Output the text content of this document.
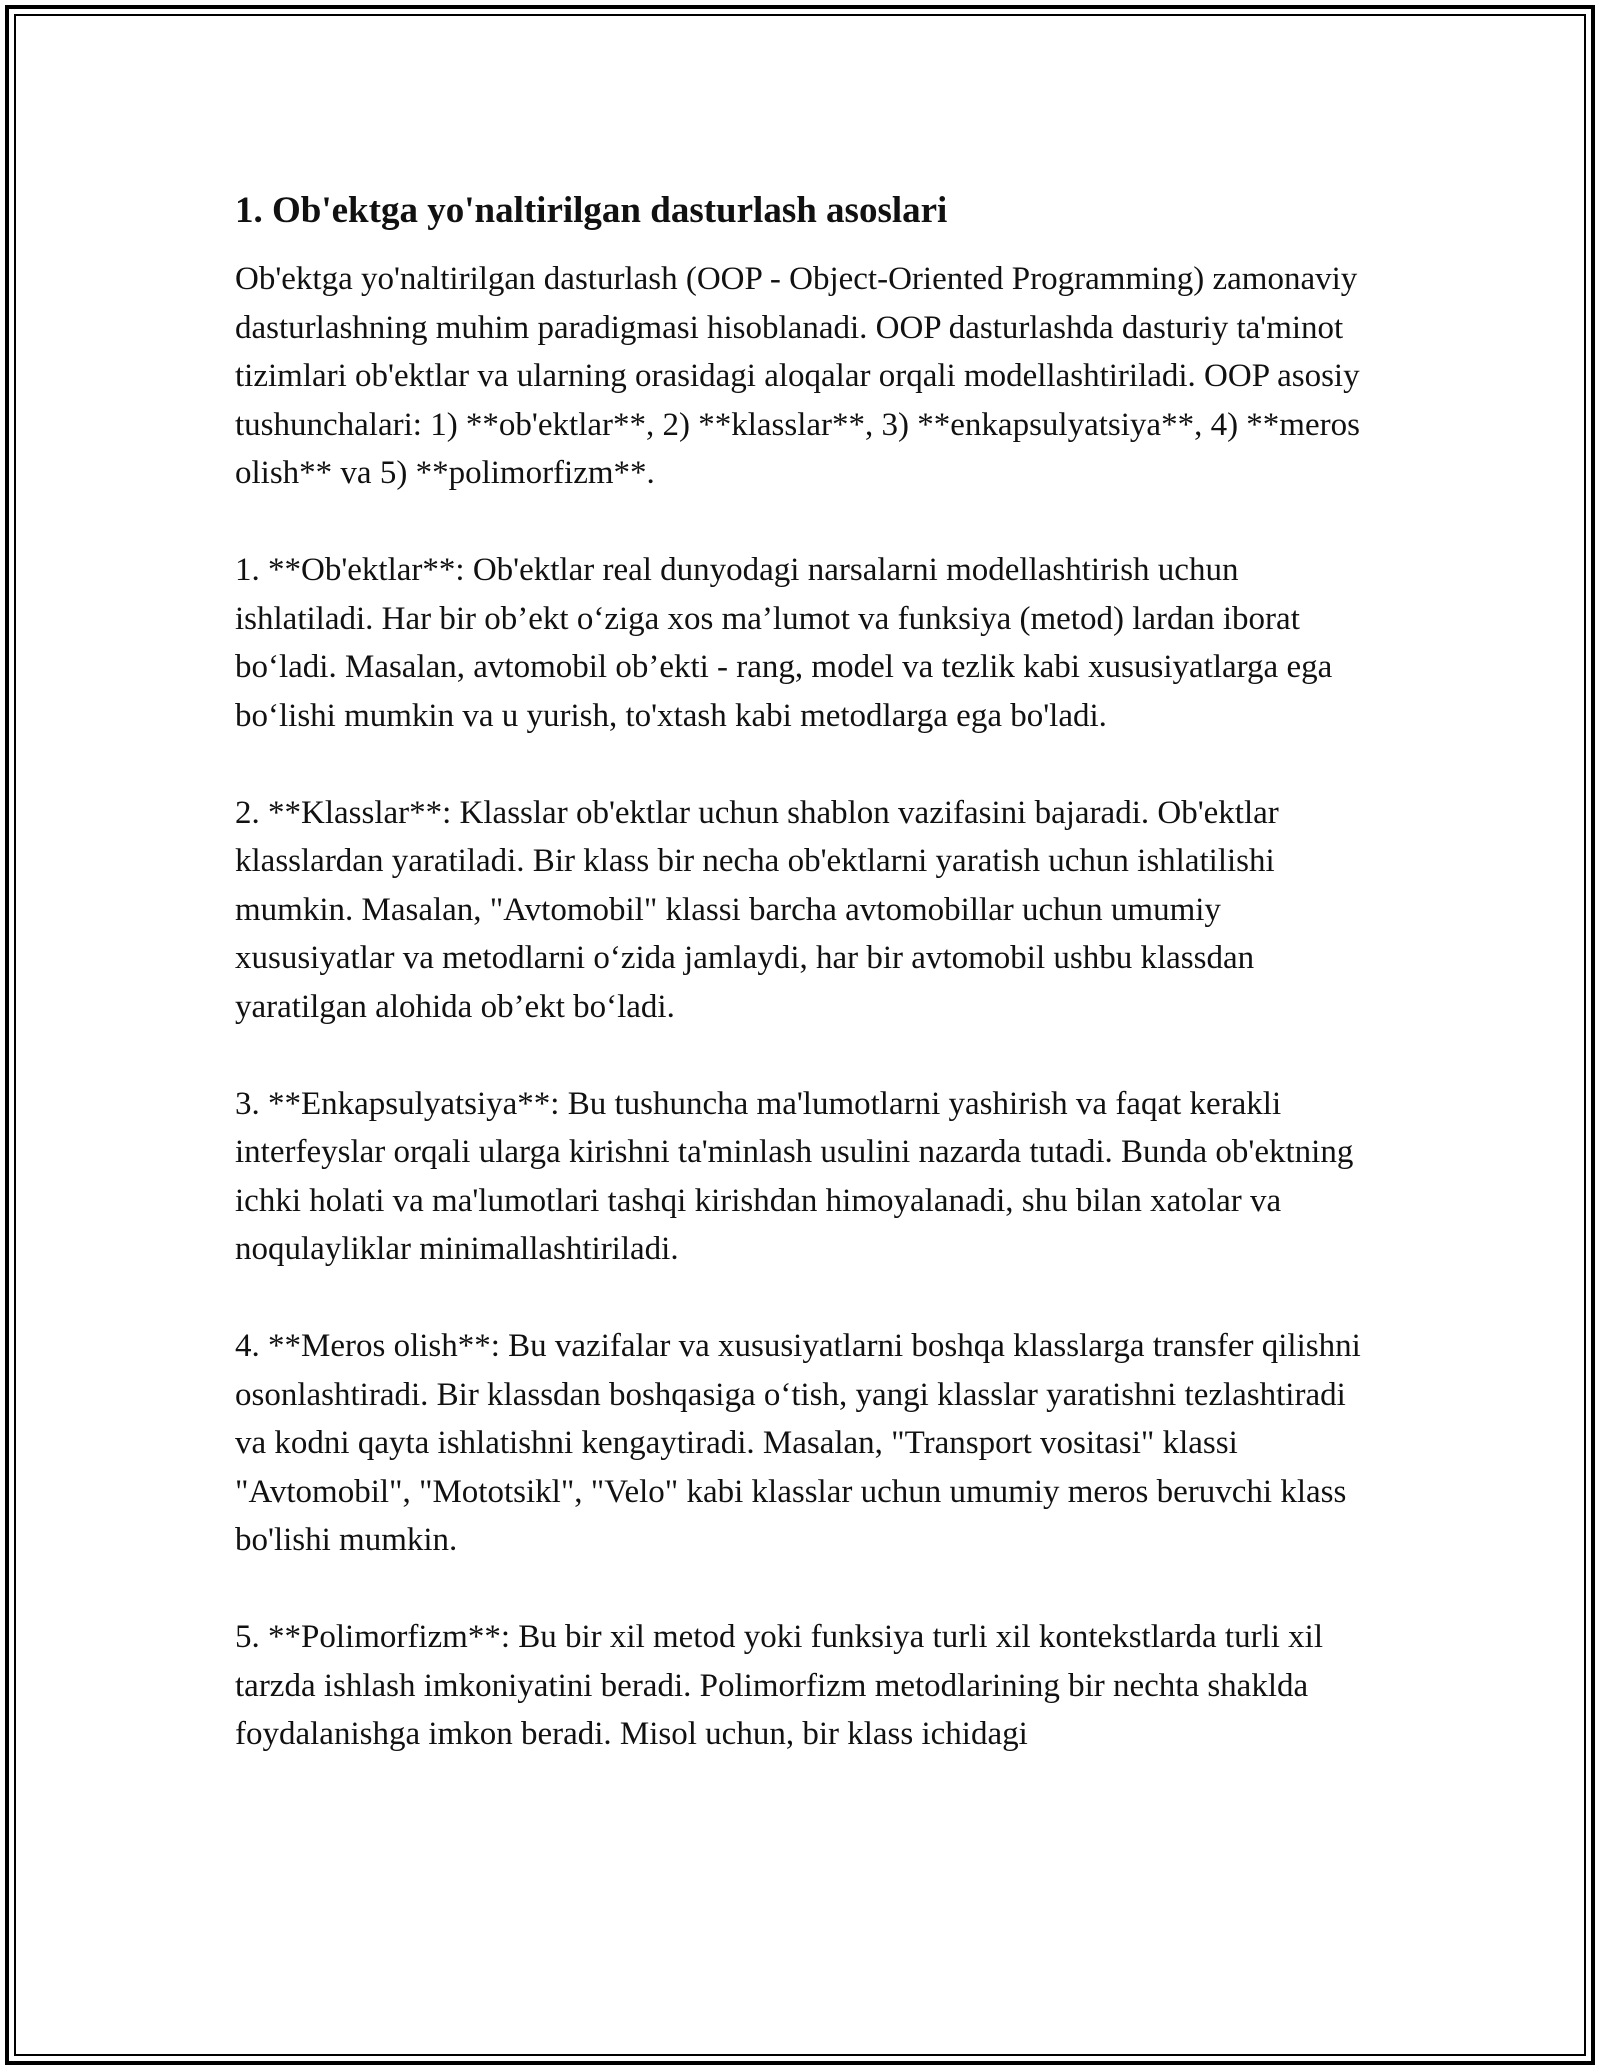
1. Ob'ektga yo'naltirilgan dasturlash asoslari

Ob'ektga yo'naltirilgan dasturlash (OOP - Object-Oriented Programming) zamonaviy dasturlashning muhim paradigmasi hisoblanadi. OOP dasturlashda dasturiy ta'minot tizimlari ob'ektlar va ularning orasidagi aloqalar orqali modellashtiriladi. OOP asosiy tushunchalari: 1) **ob'ektlar**, 2) **klasslar**, 3) **enkapsulyatsiya**, 4) **meros olish** va 5) **polimorfizm**.

1. **Ob'ektlar**: Ob'ektlar real dunyodagi narsalarni modellashtirish uchun ishlatiladi. Har bir ob’ekt o‘ziga xos ma’lumot va funksiya (metod) lardan iborat bo‘ladi. Masalan, avtomobil ob’ekti - rang, model va tezlik kabi xususiyatlarga ega bo‘lishi mumkin va u yurish, to'xtash kabi metodlarga ega bo'ladi.

2. **Klasslar**: Klasslar ob'ektlar uchun shablon vazifasini bajaradi. Ob'ektlar klasslardan yaratiladi. Bir klass bir necha ob'ektlarni yaratish uchun ishlatilishi mumkin. Masalan, "Avtomobil" klassi barcha avtomobillar uchun umumiy xususiyatlar va metodlarni o‘zida jamlaydi, har bir avtomobil ushbu klassdan yaratilgan alohida ob’ekt bo‘ladi.

3. **Enkapsulyatsiya**: Bu tushuncha ma'lumotlarni yashirish va faqat kerakli interfeyslar orqali ularga kirishni ta'minlash usulini nazarda tutadi. Bunda ob'ektning ichki holati va ma'lumotlari tashqi kirishdan himoyalanadi, shu bilan xatolar va noqulayliklar minimallashtiriladi.

4. **Meros olish**: Bu vazifalar va xususiyatlarni boshqa klasslarga transfer qilishni osonlashtiradi. Bir klassdan boshqasiga o‘tish, yangi klasslar yaratishni tezlashtiradi va kodni qayta ishlatishni kengaytiradi. Masalan, "Transport vositasi" klassi "Avtomobil", "Mototsikl", "Velo" kabi klasslar uchun umumiy meros beruvchi klass bo'lishi mumkin.

5. **Polimorfizm**: Bu bir xil metod yoki funksiya turli xil kontekstlarda turli xil tarzda ishlash imkoniyatini beradi. Polimorfizm metodlarining bir nechta shaklda foydalanishga imkon beradi. Misol uchun, bir klass ichidagi
